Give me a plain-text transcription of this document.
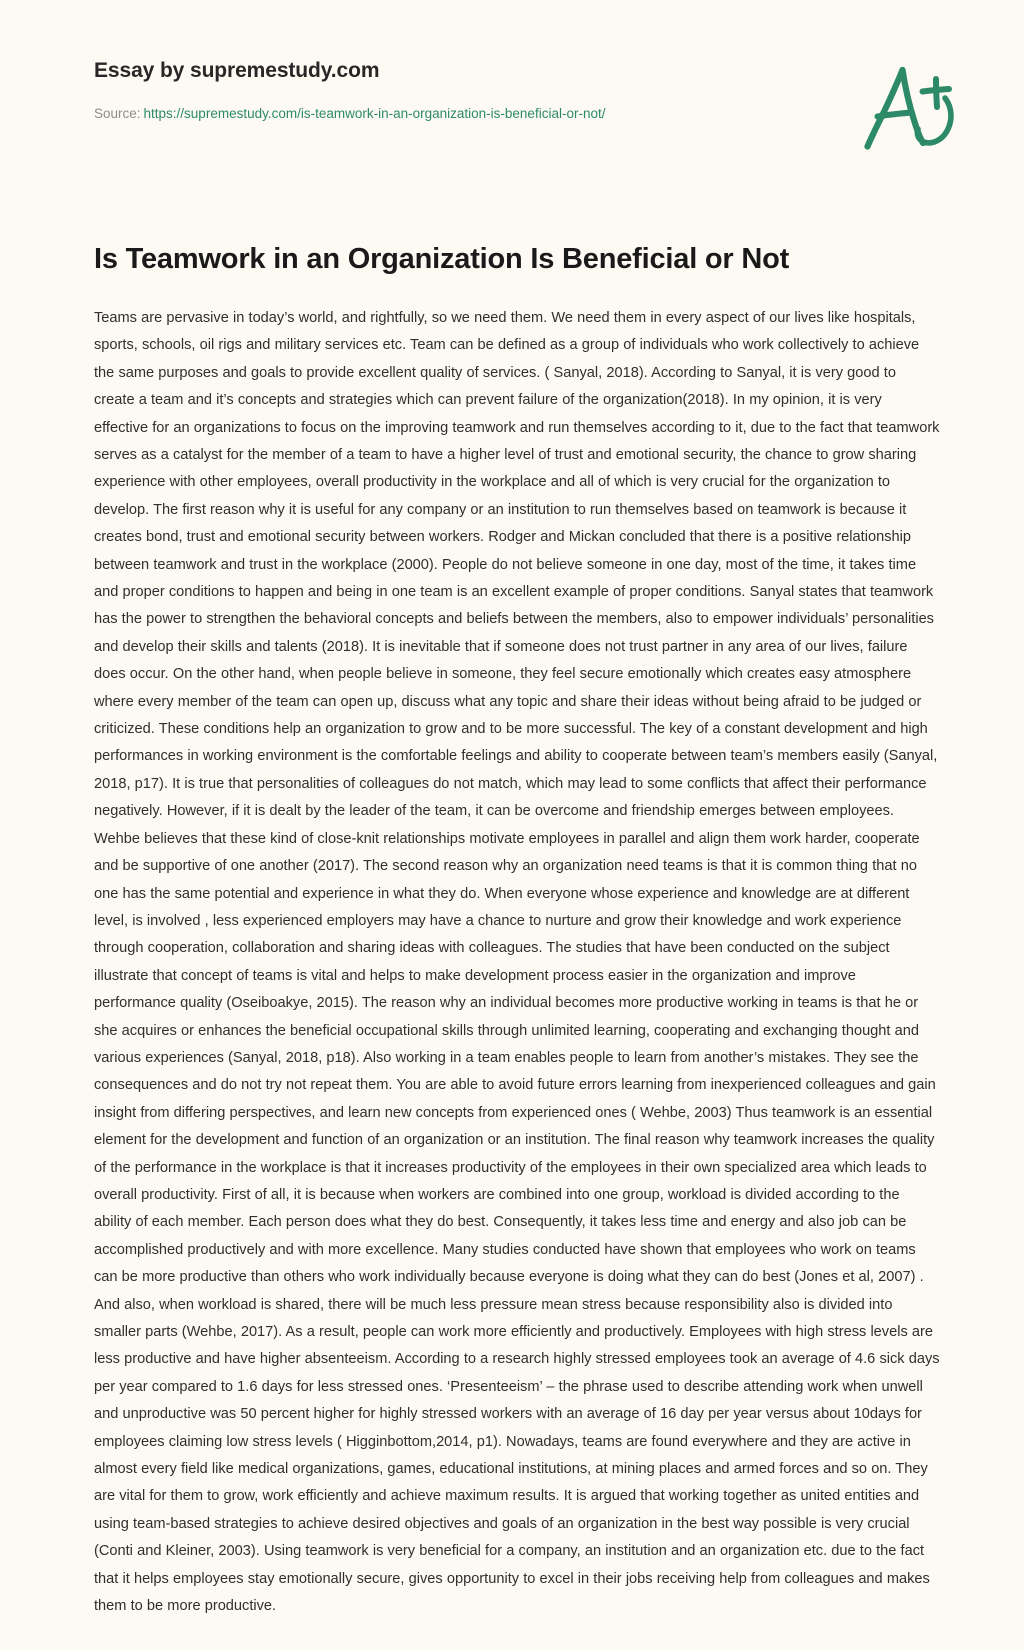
Essay by supremestudy.com
Source: https://supremestudy.com/is-teamwork-in-an-organization-is-beneficial-or-not/
Is Teamwork in an Organization Is Beneficial or Not

Teams are pervasive in today’s world, and rightfully, so we need them. We need them in every aspect of our lives like hospitals, sports, schools, oil rigs and military services etc. Team can be defined as a group of individuals who work collectively to achieve the same purposes and goals to provide excellent quality of services. ( Sanyal, 2018). According to Sanyal, it is very good to create a team and it’s concepts and strategies which can prevent failure of the organization(2018). In my opinion, it is very effective for an organizations to focus on the improving teamwork and run themselves according to it, due to the fact that teamwork serves as a catalyst for the member of a team to have a higher level of trust and emotional security, the chance to grow sharing experience with other employees, overall productivity in the workplace and all of which is very crucial for the organization to develop. The first reason why it is useful for any company or an institution to run themselves based on teamwork is because it creates bond, trust and emotional security between workers. Rodger and Mickan concluded that there is a positive relationship between teamwork and trust in the workplace (2000). People do not believe someone in one day, most of the time, it takes time and proper conditions to happen and being in one team is an excellent example of proper conditions. Sanyal states that teamwork has the power to strengthen the behavioral concepts and beliefs between the members, also to empower individuals’ personalities and develop their skills and talents (2018). It is inevitable that if someone does not trust partner in any area of our lives, failure does occur. On the other hand, when people believe in someone, they feel secure emotionally which creates easy atmosphere where every member of the team can open up, discuss what any topic and share their ideas without being afraid to be judged or criticized. These conditions help an organization to grow and to be more successful. The key of a constant development and high performances in working environment is the comfortable feelings and ability to cooperate between team’s members easily (Sanyal, 2018, p17). It is true that personalities of colleagues do not match, which may lead to some conflicts that affect their performance negatively. However, if it is dealt by the leader of the team, it can be overcome and friendship emerges between employees. Wehbe believes that these kind of close-knit relationships motivate employees in parallel and align them work harder, cooperate and be supportive of one another (2017). The second reason why an organization need teams is that it is common thing that no one has the same potential and experience in what they do. When everyone whose experience and knowledge are at different level, is involved , less experienced employers may have a chance to nurture and grow their knowledge and work experience through cooperation, collaboration and sharing ideas with colleagues. The studies that have been conducted on the subject illustrate that concept of teams is vital and helps to make development process easier in the organization and improve performance quality (Oseiboakye, 2015). The reason why an individual becomes more productive working in teams is that he or she acquires or enhances the beneficial occupational skills through unlimited learning, cooperating and exchanging thought and various experiences (Sanyal, 2018, p18). Also working in a team enables people to learn from another’s mistakes. They see the consequences and do not try not repeat them. You are able to avoid future errors learning from inexperienced colleagues and gain insight from differing perspectives, and learn new concepts from experienced ones ( Wehbe, 2003) Thus teamwork is an essential element for the development and function of an organization or an institution. The final reason why teamwork increases the quality of the performance in the workplace is that it increases productivity of the employees in their own specialized area which leads to overall productivity. First of all, it is because when workers are combined into one group, workload is divided according to the ability of each member. Each person does what they do best. Consequently, it takes less time and energy and also job can be accomplished productively and with more excellence. Many studies conducted have shown that employees who work on teams can be more productive than others who work individually because everyone is doing what they can do best (Jones et al, 2007) . And also, when workload is shared, there will be much less pressure mean stress because responsibility also is divided into smaller parts (Wehbe, 2017). As a result, people can work more efficiently and productively. Employees with high stress levels are less productive and have higher absenteeism. According to a research highly stressed employees took an average of 4.6 sick days per year compared to 1.6 days for less stressed ones. ‘Presenteeism’ – the phrase used to describe attending work when unwell and unproductive was 50 percent higher for highly stressed workers with an average of 16 day per year versus about 10days for employees claiming low stress levels ( Higginbottom,2014, p1). Nowadays, teams are found everywhere and they are active in almost every field like medical organizations, games, educational institutions, at mining places and armed forces and so on. They are vital for them to grow, work efficiently and achieve maximum results. It is argued that working together as united entities and using team-based strategies to achieve desired objectives and goals of an organization in the best way possible is very crucial (Conti and Kleiner, 2003). Using teamwork is very beneficial for a company, an institution and an organization etc. due to the fact that it helps employees stay emotionally secure, gives opportunity to excel in their jobs receiving help from colleagues and makes them to be more productive.
